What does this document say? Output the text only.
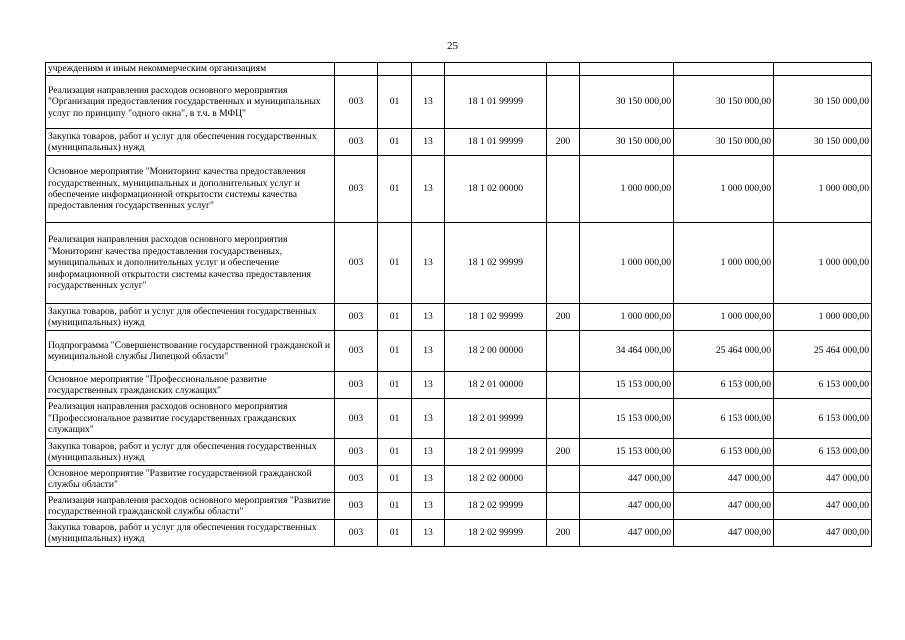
25
учреждениям и иным некоммерческим организациям								
Реализация направления расходов основного мероприятия "Организация предоставления государственных и муниципальных услуг по принципу "одного окна", в т.ч. в МФЦ"	003	01	13	18 1 01 99999		30 150 000,00	30 150 000,00	30 150 000,00
Закупка товаров, работ и услуг для обеспечения государственных (муниципальных) нужд	003	01	13	18 1 01 99999	200	30 150 000,00	30 150 000,00	30 150 000,00
Основное мероприятие "Мониторинг качества предоставления государственных, муниципальных и дополнительных услуг и обеспечение информационной открытости системы качества предоставления государственных услуг"	003	01	13	18 1 02 00000		1 000 000,00	1 000 000,00	1 000 000,00
Реализация направления расходов основного мероприятия "Мониторинг качества предоставления государственных, муниципальных и дополнительных услуг и обеспечение информационной открытости системы качества предоставления государственных услуг"	003	01	13	18 1 02 99999		1 000 000,00	1 000 000,00	1 000 000,00
Закупка товаров, работ и услуг для обеспечения государственных (муниципальных) нужд	003	01	13	18 1 02 99999	200	1 000 000,00	1 000 000,00	1 000 000,00
Подпрограмма "Совершенствование государственной гражданской и муниципальной службы Липецкой области"	003	01	13	18 2 00 00000		34 464 000,00	25 464 000,00	25 464 000,00
Основное мероприятие "Профессиональное развитие государственных гражданских служащих"	003	01	13	18 2 01 00000		15 153 000,00	6 153 000,00	6 153 000,00
Реализация направления расходов основного мероприятия "Профессиональное развитие государственных гражданских служащих"	003	01	13	18 2 01 99999		15 153 000,00	6 153 000,00	6 153 000,00
Закупка товаров, работ и услуг для обеспечения государственных (муниципальных) нужд	003	01	13	18 2 01 99999	200	15 153 000,00	6 153 000,00	6 153 000,00
Основное мероприятие "Развитие государственной гражданской службы области"	003	01	13	18 2 02 00000		447 000,00	447 000,00	447 000,00
Реализация направления расходов основного мероприятия "Развитие государственной гражданской службы области"	003	01	13	18 2 02 99999		447 000,00	447 000,00	447 000,00
Закупка товаров, работ и услуг для обеспечения государственных (муниципальных) нужд	003	01	13	18 2 02 99999	200	447 000,00	447 000,00	447 000,00
